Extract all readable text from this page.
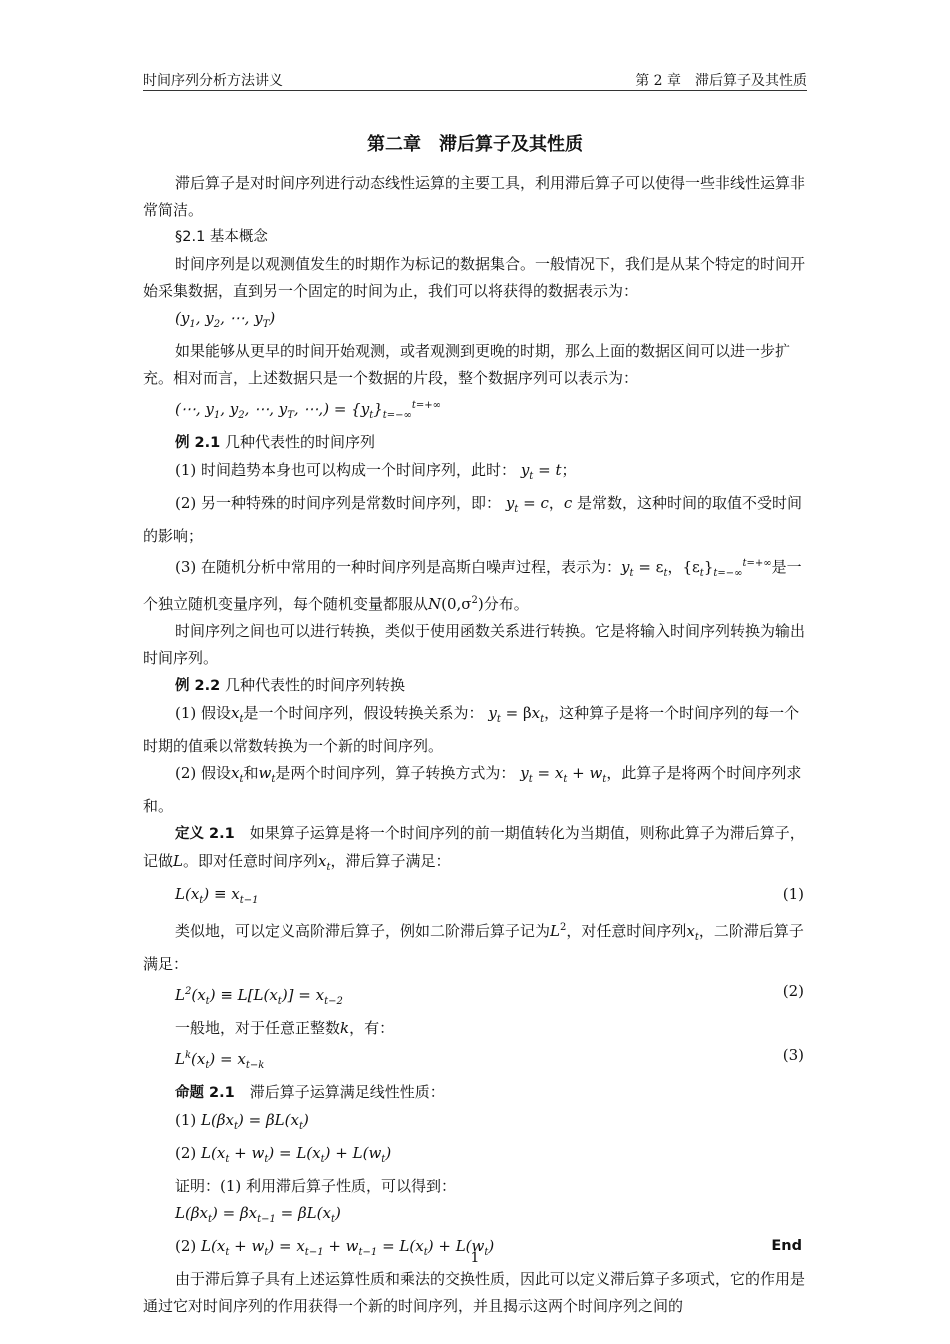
时间序列分析方法讲义	第 2 章　滞后算子及其性质
第二章　滞后算子及其性质

滞后算子是对时间序列进行动态线性运算的主要工具，利用滞后算子可以使得一些非线性运算非常简洁。

§2.1 基本概念

时间序列是以观测值发生的时期作为标记的数据集合。一般情况下，我们是从某个特定的时间开始采集数据，直到另一个固定的时间为止，我们可以将获得的数据表示为：

($y_1$, $y_2$, ⋯, $y_T$)

如果能够从更早的时间开始观测，或者观测到更晚的时期，那么上面的数据区间可以进一步扩充。相对而言，上述数据只是一个数据的片段，整个数据序列可以表示为：

(⋯, $y_1$, $y_2$, ⋯, $y_T$, ⋯,) = $\{y_t\}_{t=-\infty}^{t=+\infty}$

例 2.1 几种代表性的时间序列

(1) 时间趋势本身也可以构成一个时间序列，此时： $y_t = t$；

(2) 另一种特殊的时间序列是常数时间序列，即： $y_t = c$，c 是常数，这种时间的取值不受时间的影响；

(3) 在随机分析中常用的一种时间序列是高斯白噪声过程，表示为：$y_t = \varepsilon_t$，$\{\varepsilon_t\}_{t=-\infty}^{t=+\infty}$是一个独立随机变量序列，每个随机变量都服从$N(0,\sigma^2)$分布。

时间序列之间也可以进行转换，类似于使用函数关系进行转换。它是将输入时间序列转换为输出时间序列。

例 2.2 几种代表性的时间序列转换

(1) 假设$x_t$是一个时间序列，假设转换关系为： $y_t = \beta x_t$，这种算子是将一个时间序列的每一个时期的值乘以常数转换为一个新的时间序列。

(2) 假设$x_t$和$w_t$是两个时间序列，算子转换方式为： $y_t = x_t + w_t$，此算子是将两个时间序列求和。

定义 2.1　如果算子运算是将一个时间序列的前一期值转化为当期值，则称此算子为滞后算子，记做L。即对任意时间序列$x_t$，滞后算子满足：

$L(x_t) \equiv x_{t-1}$	(1)

类似地，可以定义高阶滞后算子，例如二阶滞后算子记为$L^2$，对任意时间序列$x_t$，二阶滞后算子满足：

$L^2(x_t) \equiv L[L(x_t)] = x_{t-2}$
(2)

一般地，对于任意正整数k，有：

$L^k(x_t) = x_{t-k}$
(3)

命题 2.1　滞后算子运算满足线性性质：

(1) $L(\beta x_t) = \beta L(x_t)$

(2) $L(x_t + w_t) = L(x_t) + L(w_t)$

证明：(1) 利用滞后算子性质，可以得到：

$L(\beta x_t) = \beta x_{t-1} = \beta L(x_t)$

(2) $L(x_t + w_t) = x_{t-1} + w_{t-1} = L(x_t) + L(w_t)$	End

由于滞后算子具有上述运算性质和乘法的交换性质，因此可以定义滞后算子多项式，它的作用是通过它对时间序列的作用获得一个新的时间序列，并且揭示这两个时间序列之间的

1
